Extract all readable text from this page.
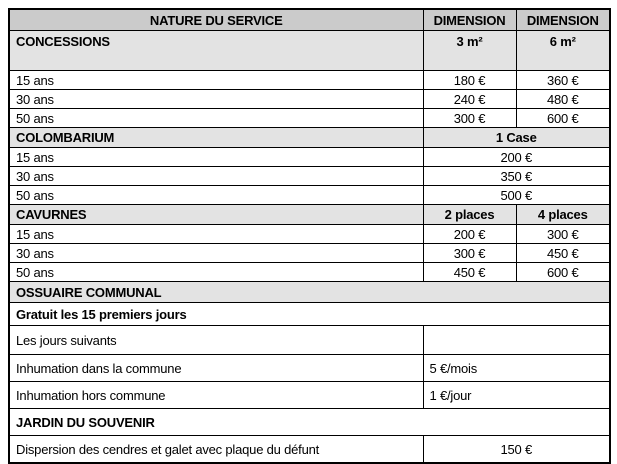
NATURE DU SERVICE	DIMENSION	DIMENSION
CONCESSIONS	3 m²	6 m²
15 ans	180 €	360 €
30 ans	240 €	480 €
50 ans	300 €	600 €
COLOMBARIUM	1 Case	
15 ans	200 €	
30 ans	350 €	
50 ans	500 €	
CAVURNES	2 places	4 places
15 ans	200 €	300 €
30 ans	300 €	450 €
50 ans	450 €	600 €
OSSUAIRE COMMUNAL		
Gratuit les 15 premiers jours		
Les jours suivants		
Inhumation dans la commune	5 €/mois	
Inhumation hors commune	1 €/jour	
JARDIN DU SOUVENIR		
Dispersion des cendres et galet avec plaque du défunt	150 €	
